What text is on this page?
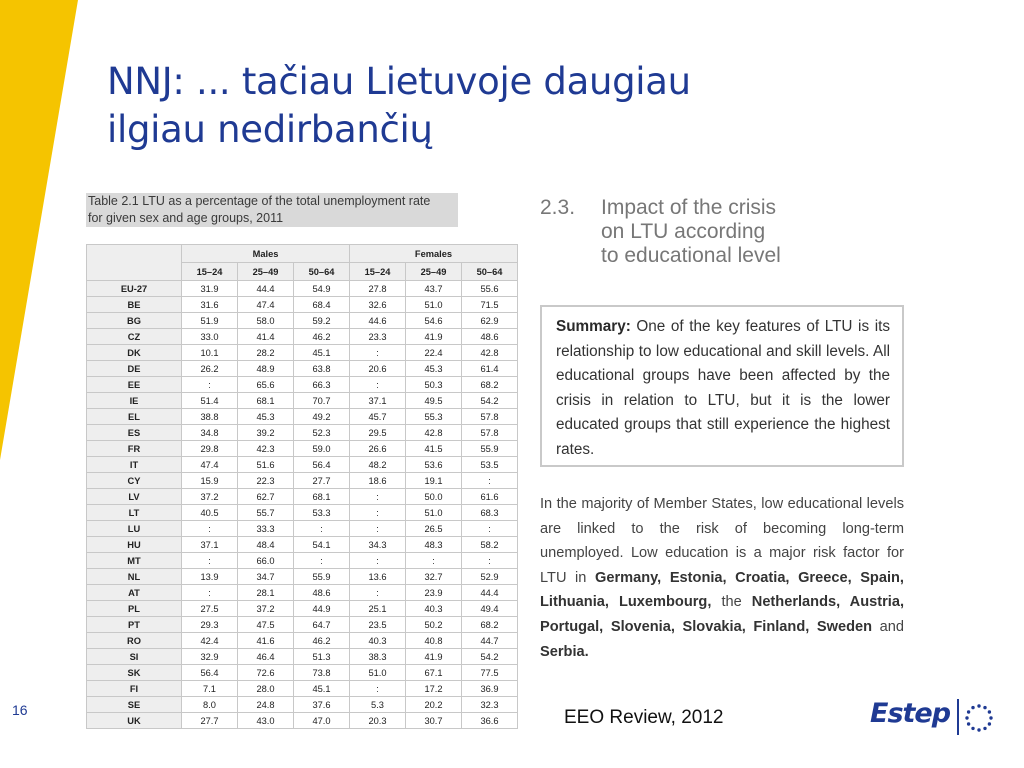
NNJ: ... tačiau Lietuvoje daugiau
ilgiau nedirbančių
Table 2.1 LTU as a percentage of the total unemployment rate
for given sex and age groups, 2011
	Males			Females		
	15–24	25–49	50–64	15–24	25–49	50–64
EU-27	31.9	44.4	54.9	27.8	43.7	55.6
BE	31.6	47.4	68.4	32.6	51.0	71.5
BG	51.9	58.0	59.2	44.6	54.6	62.9
CZ	33.0	41.4	46.2	23.3	41.9	48.6
DK	10.1	28.2	45.1	:	22.4	42.8
DE	26.2	48.9	63.8	20.6	45.3	61.4
EE	:	65.6	66.3	:	50.3	68.2
IE	51.4	68.1	70.7	37.1	49.5	54.2
EL	38.8	45.3	49.2	45.7	55.3	57.8
ES	34.8	39.2	52.3	29.5	42.8	57.8
FR	29.8	42.3	59.0	26.6	41.5	55.9
IT	47.4	51.6	56.4	48.2	53.6	53.5
CY	15.9	22.3	27.7	18.6	19.1	:
LV	37.2	62.7	68.1	:	50.0	61.6
LT	40.5	55.7	53.3	:	51.0	68.3
LU	:	33.3	:	:	26.5	:
HU	37.1	48.4	54.1	34.3	48.3	58.2
MT	:	66.0	:	:	:	:
NL	13.9	34.7	55.9	13.6	32.7	52.9
AT	:	28.1	48.6	:	23.9	44.4
PL	27.5	37.2	44.9	25.1	40.3	49.4
PT	29.3	47.5	64.7	23.5	50.2	68.2
RO	42.4	41.6	46.2	40.3	40.8	44.7
SI	32.9	46.4	51.3	38.3	41.9	54.2
SK	56.4	72.6	73.8	51.0	67.1	77.5
FI	7.1	28.0	45.1	:	17.2	36.9
SE	8.0	24.8	37.6	5.3	20.2	32.3
UK	27.7	43.0	47.0	20.3	30.7	36.6
2.3. Impact of the crisis
on LTU according
to educational level
Summary: One of the key features of LTU is its relationship to low educational and skill levels. All educational groups have been affected by the crisis in relation to LTU, but it is the lower educated groups that still experience the highest rates.
In the majority of Member States, low educational levels are linked to the risk of becoming long-term unemployed. Low education is a major risk factor for LTU in Germany, Estonia, Croatia, Greece, Spain, Lithuania, Luxembourg, the Netherlands, Austria, Portugal, Slovenia, Slovakia, Finland, Sweden and Serbia.
16	EEO Review, 2012	Estep
